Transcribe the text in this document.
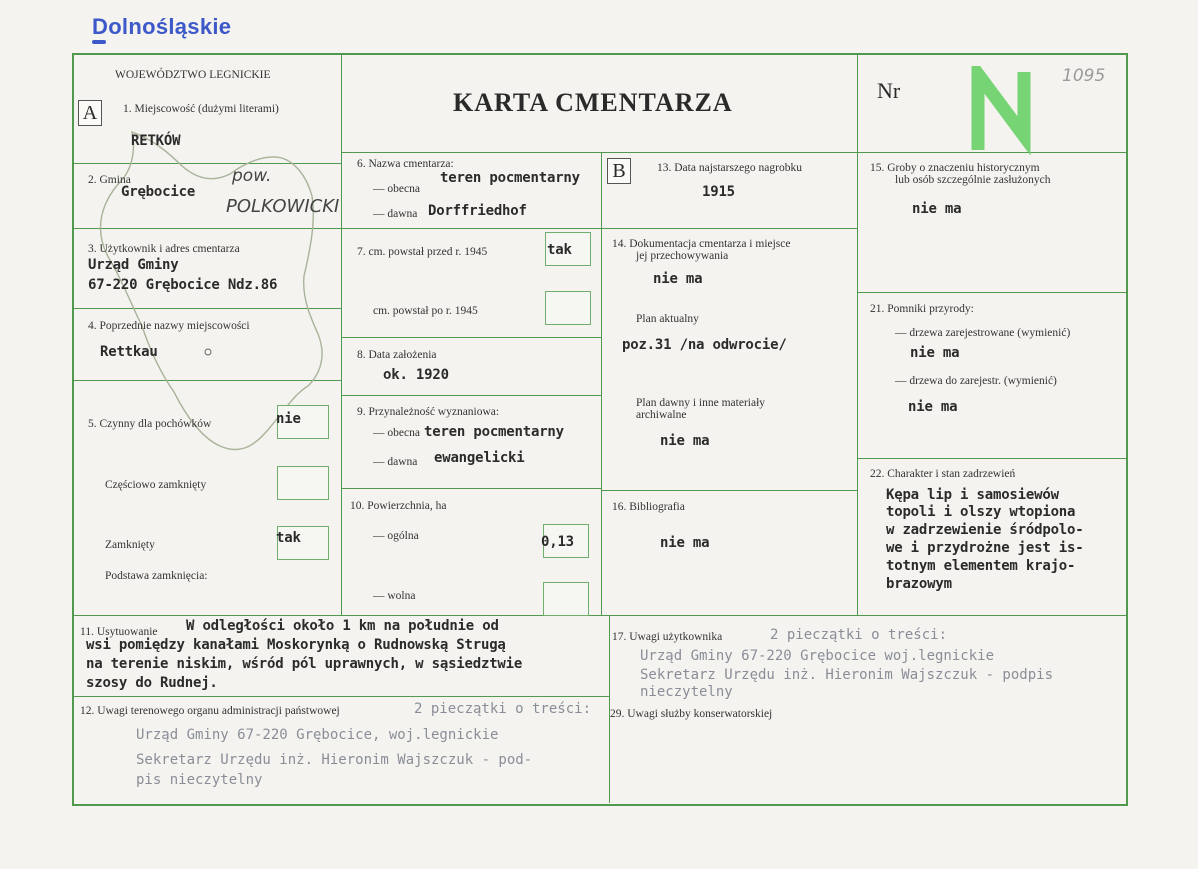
Dolnośląskie
WOJEWÓDZTWO LEGNICKIE
A	1. Miejscowość (dużymi literami)
RETKÓW
2. Gmina
Grębocice
pow.
POLKOWICKI
3. Użytkownik i adres cmentarza
Urząd Gminy
67-220 Grębocice Ndz.86
4. Poprzednie nazwy miejscowości
Rettkau
5. Czynny dla pochówków	nie
Częściowo zamknięty
Zamknięty	tak
Podstawa zamknięcia:
KARTA CMENTARZA	Nr
N
1095
6. Nazwa cmentarza:
— obecna
teren pocmentarny
— dawna Dorffriedhof
7. cm. powstał przed r. 1945	tak
cm. powstał po r. 1945
8. Data założenia
ok. 1920
9. Przynależność wyznaniowa:
— obecna teren pocmentarny
— dawna ewangelicki
10. Powierzchnia, ha
— ogólna	0,13
— wolna
B	13. Data najstarszego nagrobku
1915
14. Dokumentacja cmentarza i miejsce
jej przechowywania
nie ma
Plan aktualny
poz.31 /na odwrocie/
Plan dawny i inne materiały
archiwalne
nie ma
16. Bibliografia
nie ma
15. Groby o znaczeniu historycznym
lub osób szczególnie zasłużonych
nie ma
21. Pomniki przyrody:
— drzewa zarejestrowane (wymienić)
nie ma
— drzewa do zarejestr. (wymienić)
nie ma
22. Charakter i stan zadrzewień
Kępa lip i samosiewów
topoli i olszy wtopiona
w zadrzewienie śródpolo-
we i przydrożne jest is-
totnym elementem krajo-
brazowym
11. Usytuowanie W odległości około 1 km na południe od
wsi pomiędzy kanałami Moskorynką o Rudnowską Strugą
na terenie niskim, wśród pól uprawnych, w sąsiedztwie
szosy do Rudnej.
12. Uwagi terenowego organu administracji państwowej	2 pieczątki o treści:
Urząd Gminy 67-220 Grębocice, woj.legnickie
Sekretarz Urzędu inż. Hieronim Wajszczuk - pod-
pis nieczytelny
17. Uwagi użytkownika	2 pieczątki o treści:
Urząd Gminy 67-220 Grębocice woj.legnickie
Sekretarz Urzędu inż. Hieronim Wajszczuk - podpis
nieczytelny
29. Uwagi służby konserwatorskiej
